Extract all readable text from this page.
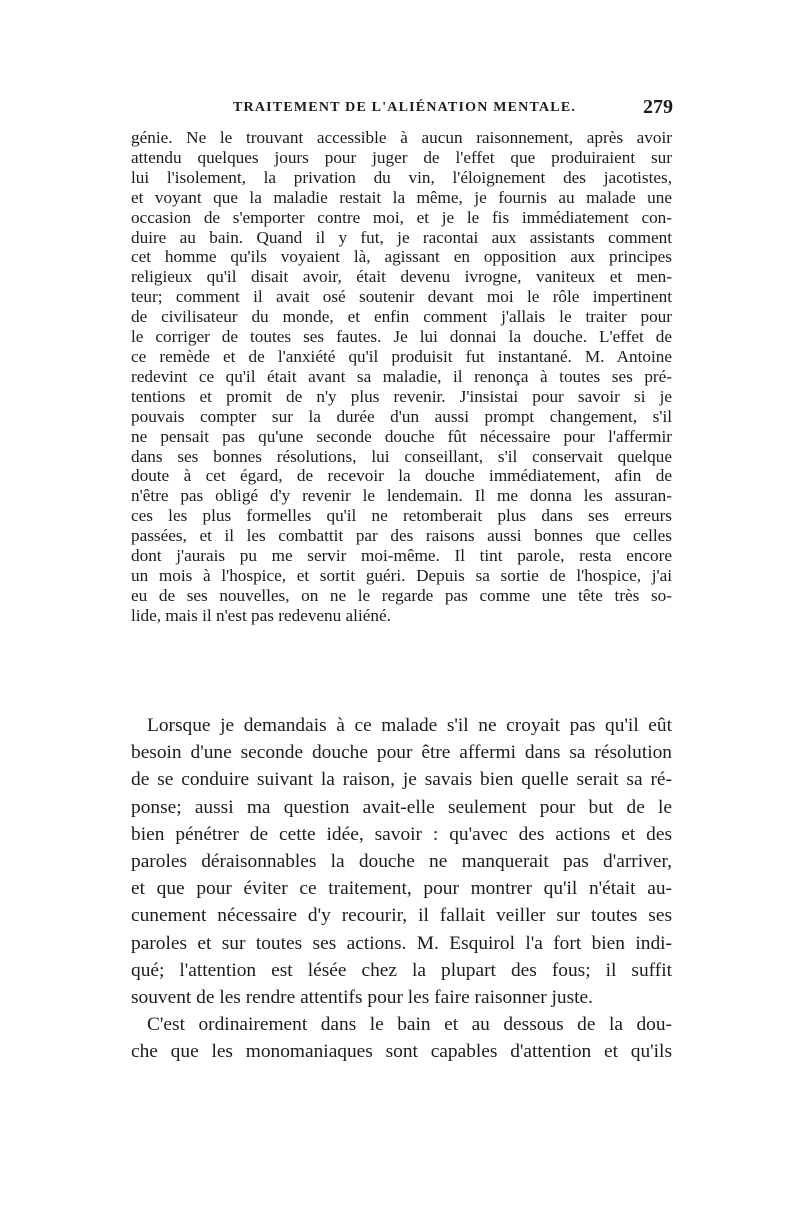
TRAITEMENT DE L'ALIÉNATION MENTALE.	279
génie. Ne le trouvant accessible à aucun raisonnement, après avoir
attendu quelques jours pour juger de l'effet que produiraient sur
lui l'isolement, la privation du vin, l'éloignement des jacotistes,
et voyant que la maladie restait la même, je fournis au malade une
occasion de s'emporter contre moi, et je le fis immédiatement con-
duire au bain. Quand il y fut, je racontai aux assistants comment
cet homme qu'ils voyaient là, agissant en opposition aux principes
religieux qu'il disait avoir, était devenu ivrogne, vaniteux et men-
teur; comment il avait osé soutenir devant moi le rôle impertinent
de civilisateur du monde, et enfin comment j'allais le traiter pour
le corriger de toutes ses fautes. Je lui donnai la douche. L'effet de
ce remède et de l'anxiété qu'il produisit fut instantané. M. Antoine
redevint ce qu'il était avant sa maladie, il renonça à toutes ses pré-
tentions et promit de n'y plus revenir. J'insistai pour savoir si je
pouvais compter sur la durée d'un aussi prompt changement, s'il
ne pensait pas qu'une seconde douche fût nécessaire pour l'affermir
dans ses bonnes résolutions, lui conseillant, s'il conservait quelque
doute à cet égard, de recevoir la douche immédiatement, afin de
n'être pas obligé d'y revenir le lendemain. Il me donna les assuran-
ces les plus formelles qu'il ne retomberait plus dans ses erreurs
passées, et il les combattit par des raisons aussi bonnes que celles
dont j'aurais pu me servir moi-même. Il tint parole, resta encore
un mois à l'hospice, et sortit guéri. Depuis sa sortie de l'hospice, j'ai
eu de ses nouvelles, on ne le regarde pas comme une tête très so-
lide, mais il n'est pas redevenu aliéné.
Lorsque je demandais à ce malade s'il ne croyait pas qu'il eût
besoin d'une seconde douche pour être affermi dans sa résolution
de se conduire suivant la raison, je savais bien quelle serait sa ré-
ponse; aussi ma question avait-elle seulement pour but de le
bien pénétrer de cette idée, savoir : qu'avec des actions et des
paroles déraisonnables la douche ne manquerait pas d'arriver,
et que pour éviter ce traitement, pour montrer qu'il n'était au-
cunement nécessaire d'y recourir, il fallait veiller sur toutes ses
paroles et sur toutes ses actions. M. Esquirol l'a fort bien indi-
qué; l'attention est lésée chez la plupart des fous; il suffit
souvent de les rendre attentifs pour les faire raisonner juste.
C'est ordinairement dans le bain et au dessous de la dou-
che que les monomaniaques sont capables d'attention et qu'ils
